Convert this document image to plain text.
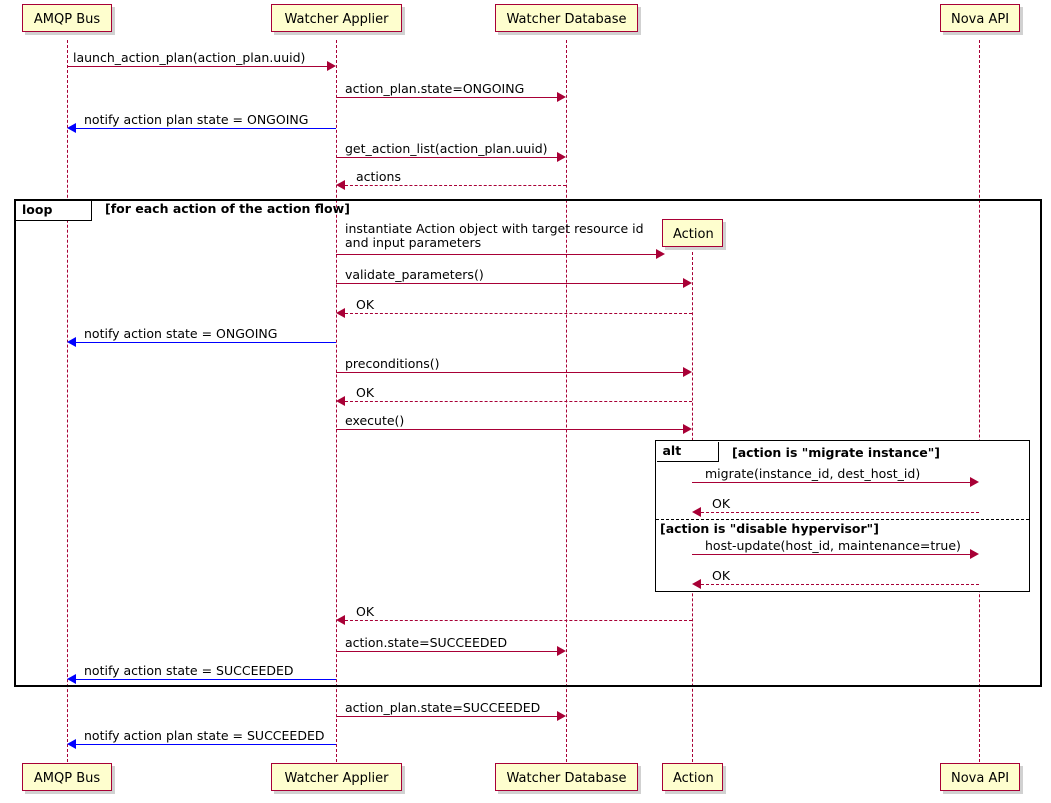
loop	[for each action of the action flow]
alt	[action is "migrate instance"]
[action is "disable hypervisor"]
AMQP Bus	Watcher Applier	Watcher Database
Action
Nova API
AMQP Bus	Watcher Applier	Watcher Database	Action	Nova API
launch_action_plan(action_plan.uuid)
action_plan.state=ONGOING
notify action plan state = ONGOING
get_action_list(action_plan.uuid)
actions
instantiate Action object with target resource id
and input parameters
validate_parameters()
OK
notify action state = ONGOING
preconditions()
OK
execute()
migrate(instance_id, dest_host_id)
OK
host-update(host_id, maintenance=true)
OK
OK
action.state=SUCCEEDED
notify action state = SUCCEEDED
action_plan.state=SUCCEEDED
notify action plan state = SUCCEEDED
